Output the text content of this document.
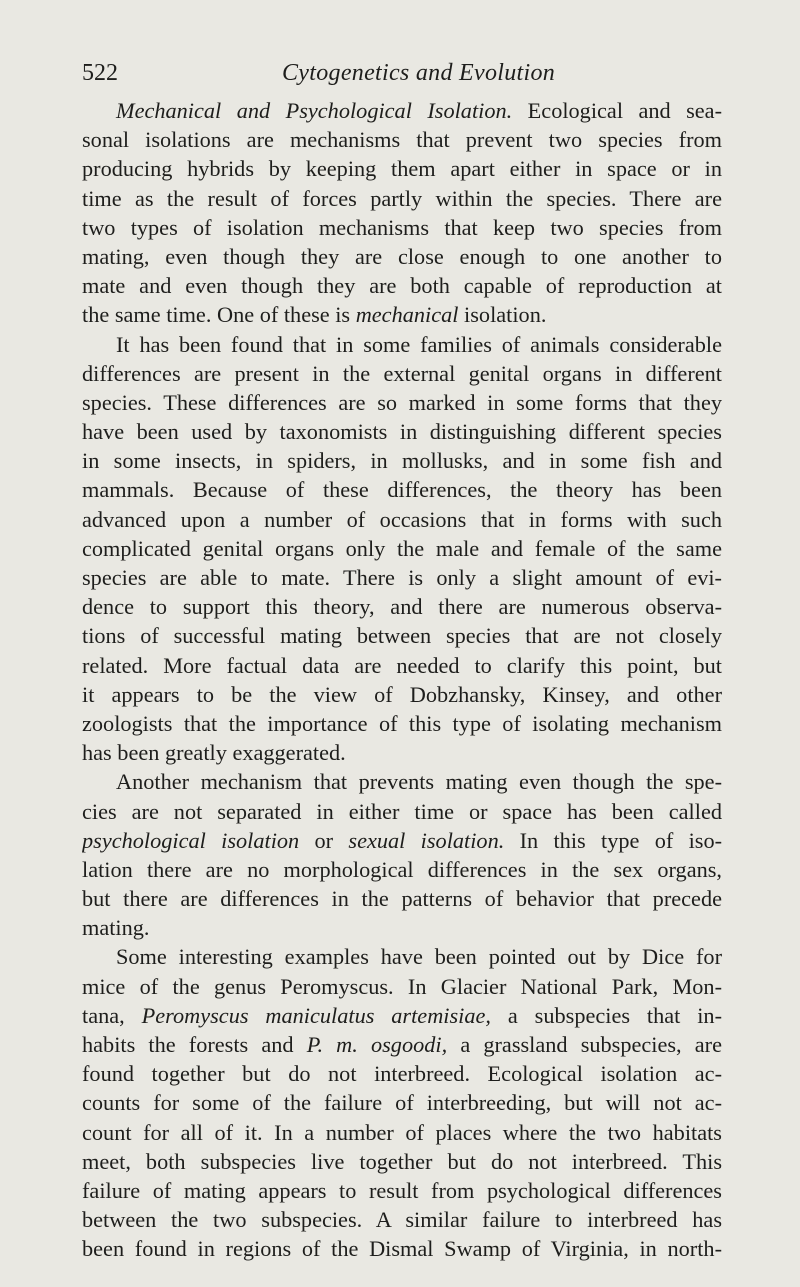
522	Cytogenetics and Evolution
Mechanical and Psychological Isolation. Ecological and sea-
sonal isolations are mechanisms that prevent two species from
producing hybrids by keeping them apart either in space or in
time as the result of forces partly within the species. There are
two types of isolation mechanisms that keep two species from
mating, even though they are close enough to one another to
mate and even though they are both capable of reproduction at
the same time. One of these is mechanical isolation.
It has been found that in some families of animals considerable
differences are present in the external genital organs in different
species. These differences are so marked in some forms that they
have been used by taxonomists in distinguishing different species
in some insects, in spiders, in mollusks, and in some fish and
mammals. Because of these differences, the theory has been
advanced upon a number of occasions that in forms with such
complicated genital organs only the male and female of the same
species are able to mate. There is only a slight amount of evi-
dence to support this theory, and there are numerous observa-
tions of successful mating between species that are not closely
related. More factual data are needed to clarify this point, but
it appears to be the view of Dobzhansky, Kinsey, and other
zoologists that the importance of this type of isolating mechanism
has been greatly exaggerated.
Another mechanism that prevents mating even though the spe-
cies are not separated in either time or space has been called
psychological isolation or sexual isolation. In this type of iso-
lation there are no morphological differences in the sex organs,
but there are differences in the patterns of behavior that precede
mating.
Some interesting examples have been pointed out by Dice for
mice of the genus Peromyscus. In Glacier National Park, Mon-
tana, Peromyscus maniculatus artemisiae, a subspecies that in-
habits the forests and P. m. osgoodi, a grassland subspecies, are
found together but do not interbreed. Ecological isolation ac-
counts for some of the failure of interbreeding, but will not ac-
count for all of it. In a number of places where the two habitats
meet, both subspecies live together but do not interbreed. This
failure of mating appears to result from psychological differences
between the two subspecies. A similar failure to interbreed has
been found in regions of the Dismal Swamp of Virginia, in north-
